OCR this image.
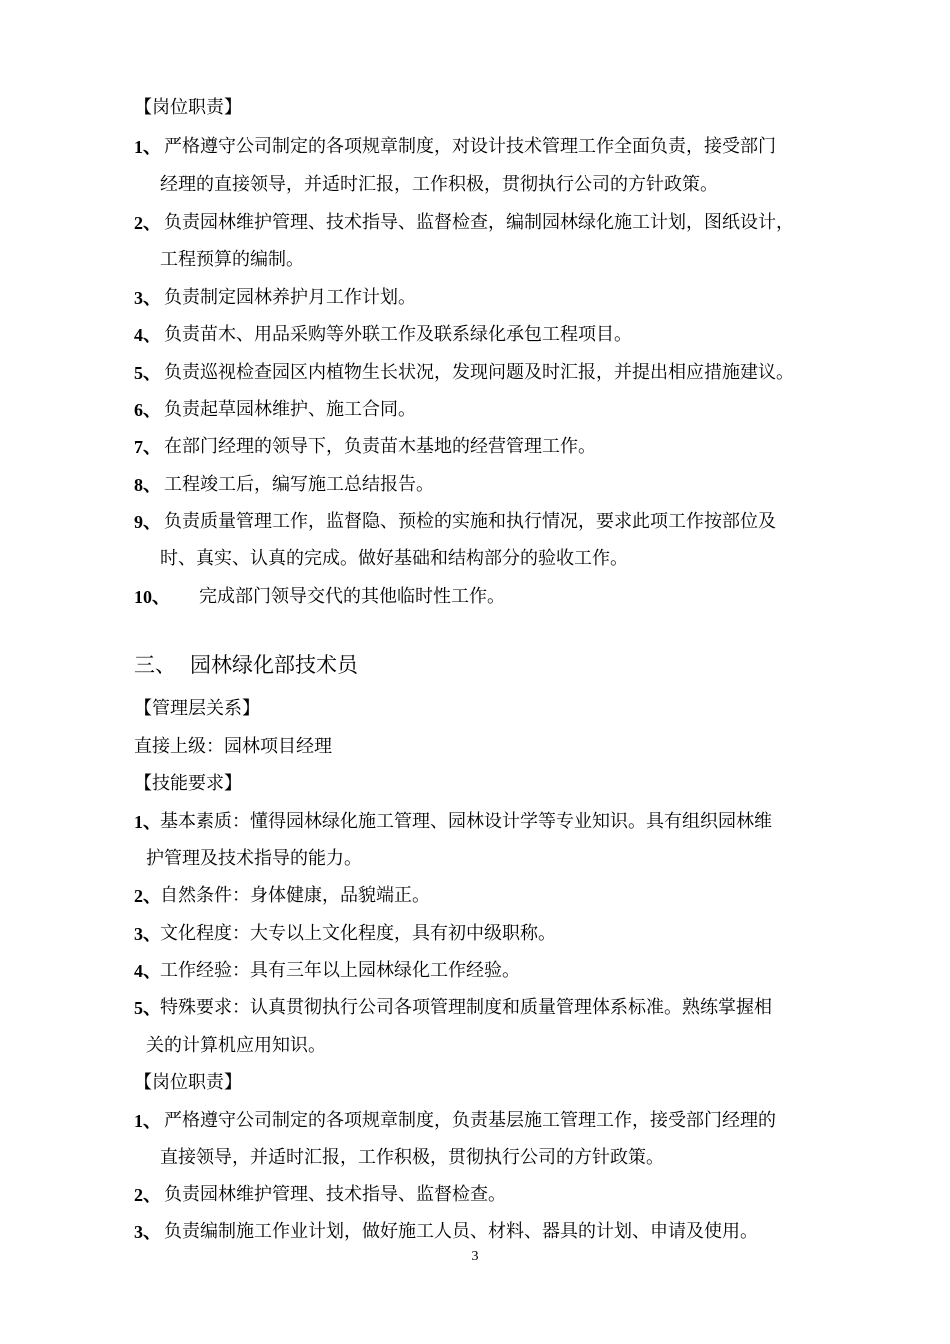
【岗位职责】
1、 严格遵守公司制定的各项规章制度，对设计技术管理工作全面负责，接受部门
经理的直接领导，并适时汇报，工作积极，贯彻执行公司的方针政策。
2、 负责园林维护管理、技术指导、监督检查，编制园林绿化施工计划，图纸设计，
工程预算的编制。
3、 负责制定园林养护月工作计划。
4、 负责苗木、用品采购等外联工作及联系绿化承包工程项目。
5、 负责巡视检查园区内植物生长状况，发现问题及时汇报，并提出相应措施建议。
6、 负责起草园林维护、施工合同。
7、 在部门经理的领导下，负责苗木基地的经营管理工作。
8、 工程竣工后，编写施工总结报告。
9、 负责质量管理工作，监督隐、预检的实施和执行情况，要求此项工作按部位及
时、真实、认真的完成。做好基础和结构部分的验收工作。
10、 完成部门领导交代的其他临时性工作。
三、 园林绿化部技术员
【管理层关系】
直接上级：园林项目经理
【技能要求】
1、 基本素质：懂得园林绿化施工管理、园林设计学等专业知识。具有组织园林维
护管理及技术指导的能力。
2、 自然条件：身体健康，品貌端正。
3、 文化程度：大专以上文化程度，具有初中级职称。
4、 工作经验：具有三年以上园林绿化工作经验。
5、 特殊要求：认真贯彻执行公司各项管理制度和质量管理体系标准。熟练掌握相
关的计算机应用知识。
【岗位职责】
1、 严格遵守公司制定的各项规章制度，负责基层施工管理工作，接受部门经理的
直接领导，并适时汇报，工作积极，贯彻执行公司的方针政策。
2、 负责园林维护管理、技术指导、监督检查。
3、 负责编制施工作业计划，做好施工人员、材料、器具的计划、申请及使用。
3
